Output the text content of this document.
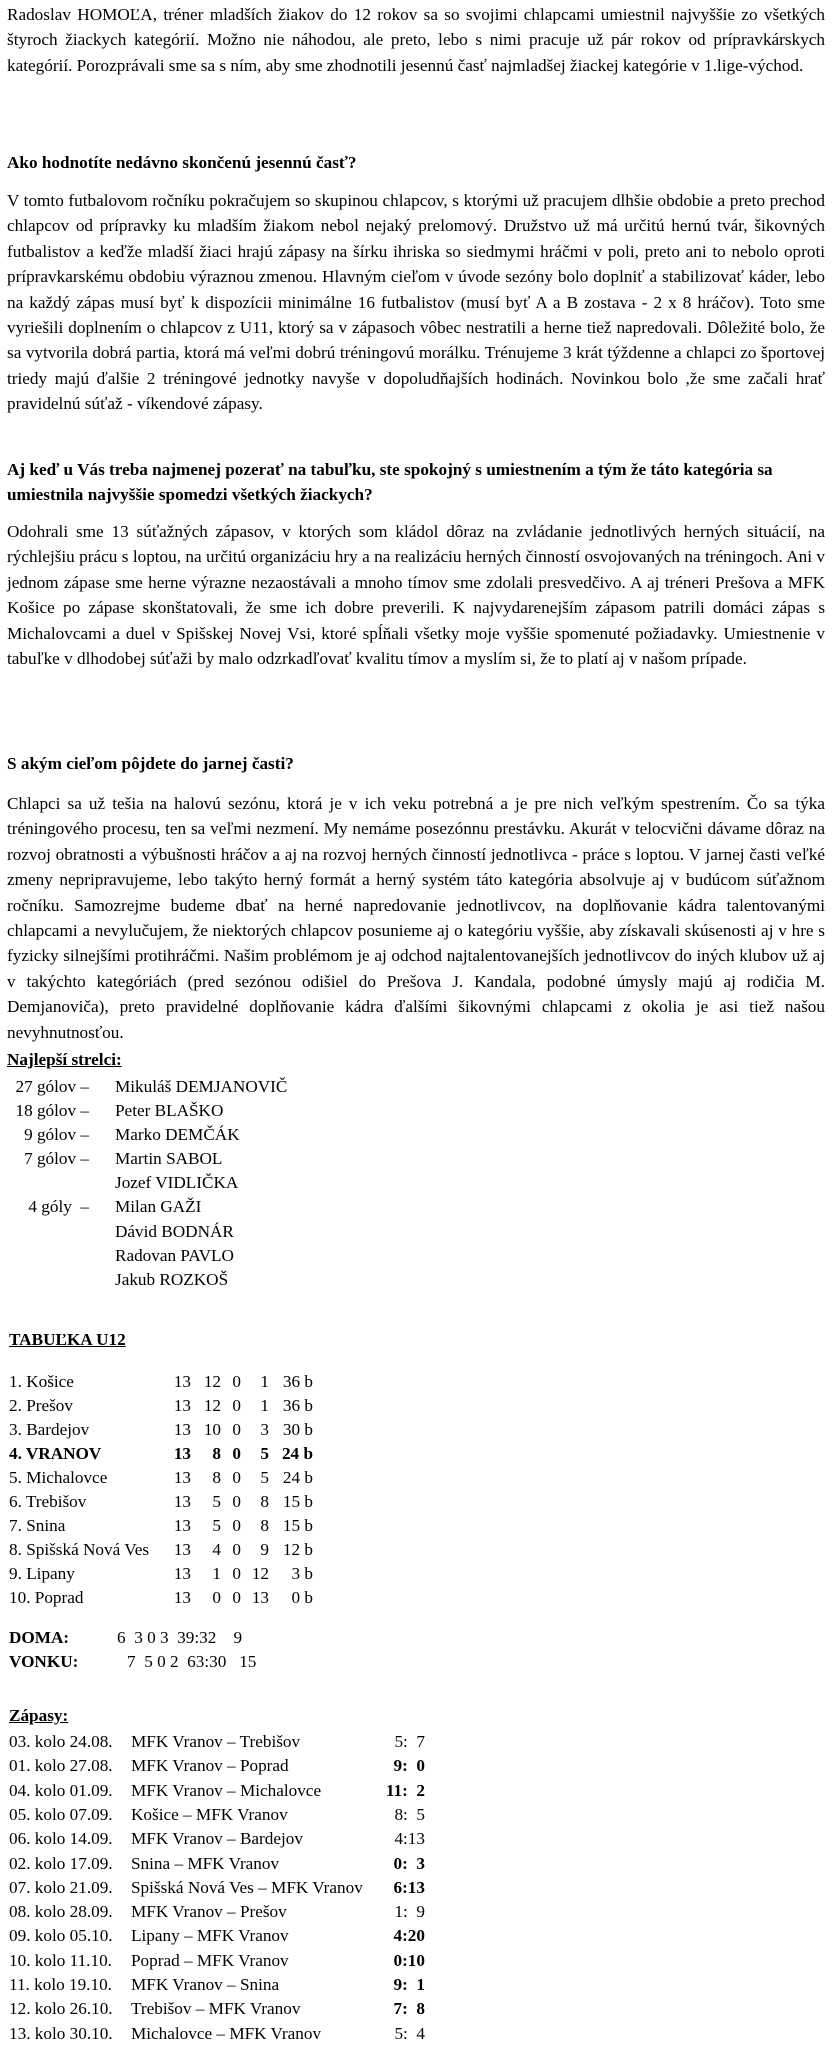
Radoslav HOMOĽA, tréner mladších žiakov do 12 rokov sa so svojimi chlapcami umiestnil najvyššie zo všetkých štyroch žiackych kategórií. Možno nie náhodou, ale preto, lebo s nimi pracuje už pár rokov od prípravkárskych kategórií. Porozprávali sme sa s ním, aby sme zhodnotili jesennú časť najmladšej žiackej kategórie v 1.lige-východ.

Ako hodnotíte nedávno skončenú jesennú časť?

V tomto futbalovom ročníku pokračujem so skupinou chlapcov, s ktorými už pracujem dlhšie obdobie a preto prechod chlapcov od prípravky ku mladším žiakom nebol nejaký prelomový. Družstvo už má určitú hernú tvár, šikovných futbalistov a keďže mladší žiaci hrajú zápasy na šírku ihriska so siedmymi hráčmi v poli, preto ani to nebolo oproti prípravkarskému obdobiu výraznou zmenou. Hlavným cieľom v úvode sezóny bolo doplniť a stabilizovať káder, lebo na každý zápas musí byť k dispozícii minimálne 16 futbalistov (musí byť A a B zostava - 2 x 8 hráčov). Toto sme vyriešili doplnením o chlapcov z U11, ktorý sa v zápasoch vôbec nestratili a herne tiež napredovali. Dôležité bolo, že sa vytvorila dobrá partia, ktorá má veľmi dobrú tréningovú morálku. Trénujeme 3 krát týždenne a chlapci zo športovej triedy majú ďalšie 2 tréningové jednotky navyše v dopoludňajších hodinách. Novinkou bolo ,že sme začali hrať pravidelnú súťaž - víkendové zápasy.

Aj keď u Vás treba najmenej pozerať na tabuľku, ste spokojný s umiestnením a tým že táto kategória sa umiestnila najvyššie spomedzi všetkých žiackych?

Odohrali sme 13 súťažných zápasov, v ktorých som kládol dôraz na zvládanie jednotlivých herných situácií, na rýchlejšiu prácu s loptou, na určitú organizáciu hry a na realizáciu herných činností osvojovaných na tréningoch. Ani v jednom zápase sme herne výrazne nezaostávali a mnoho tímov sme zdolali presvedčivo. A aj tréneri Prešova a MFK Košice po zápase skonštatovali, že sme ich dobre preverili. K najvydarenejším zápasom patrili domáci zápas s Michalovcami a duel v Spišskej Novej Vsi, ktoré spĺňali všetky moje vyššie spomenuté požiadavky. Umiestnenie v tabuľke v dlhodobej súťaži by malo odzrkadľovať kvalitu tímov a myslím si, že to platí aj v našom prípade.

S akým cieľom pôjdete do jarnej časti?

Chlapci sa už tešia na halovú sezónu, ktorá je v ich veku potrebná a je pre nich veľkým spestrením. Čo sa týka tréningového procesu, ten sa veľmi nezmení. My nemáme posezónnu prestávku. Akurát v telocvični dávame dôraz na rozvoj obratnosti a výbušnosti hráčov a aj na rozvoj herných činností jednotlivca - práce s loptou. V jarnej časti veľké zmeny nepripravujeme, lebo takýto herný formát a herný systém táto kategória absolvuje aj v budúcom súťažnom ročníku. Samozrejme budeme dbať na herné napredovanie jednotlivcov, na doplňovanie kádra talentovanými chlapcami a nevylučujem, že niektorých chlapcov posunieme aj o kategóriu vyššie, aby získavali skúsenosti aj v hre s fyzicky silnejšími protihráčmi. Našim problémom je aj odchod najtalentovanejších jednotlivcov do iných klubov už aj v takýchto kategóriách (pred sezónou odišiel do Prešova J. Kandala, podobné úmysly majú aj rodičia M. Demjanoviča), preto pravidelné doplňovanie kádra ďalšími šikovnými chlapcami z okolia je asi tiež našou nevyhnutnosťou.

Najlepší strelci:
27 gólov – Mikuláš DEMJANOVIČ
18 gólov – Peter BLAŠKO
9 gólov – Marko DEMČÁK
7 gólov – Martin SABOL
Jozef VIDLIČKA
4 góly  – Milan GAŽI
Dávid BODNÁR
Radovan PAVLO
Jakub ROZKOŠ
TABUĽKA U12
1. Košice	13 12 0	1 36 b
2. Prešov	13 12 0	1 36 b
3. Bardejov	13 10 0	3 30 b
4. VRANOV	13	8 0	5 24 b
5. Michalovce	13	8 0	5 24 b
6. Trebišov	13	5 0	8 15 b
7. Snina	13	5 0	8 15 b
8. Spišská Nová Ves	13	4 0	9 12 b
9. Lipany	13	1 0 12	3 b
10. Poprad	13	0 0 13	0 b
DOMA:	6  3 0 3  39:32    9
VONKU:	7  5 0 2  63:30   15
Zápasy:
03. kolo 24.08. MFK Vranov – Trebišov	5:  7
01. kolo 27.08. MFK Vranov – Poprad	9:  0
04. kolo 01.09. MFK Vranov – Michalovce	11:  2
05. kolo 07.09. Košice – MFK Vranov	8:  5
06. kolo 14.09. MFK Vranov – Bardejov	4:13
02. kolo 17.09. Snina – MFK Vranov	0:  3
07. kolo 21.09. Spišská Nová Ves – MFK Vranov	6:13
08. kolo 28.09. MFK Vranov – Prešov	1:  9
09. kolo 05.10. Lipany – MFK Vranov	4:20
10. kolo 11.10. Poprad – MFK Vranov	0:10
11. kolo 19.10. MFK Vranov – Snina	9:  1
12. kolo 26.10. Trebišov – MFK Vranov	7:  8
13. kolo 30.10. Michalovce – MFK Vranov	5:  4
